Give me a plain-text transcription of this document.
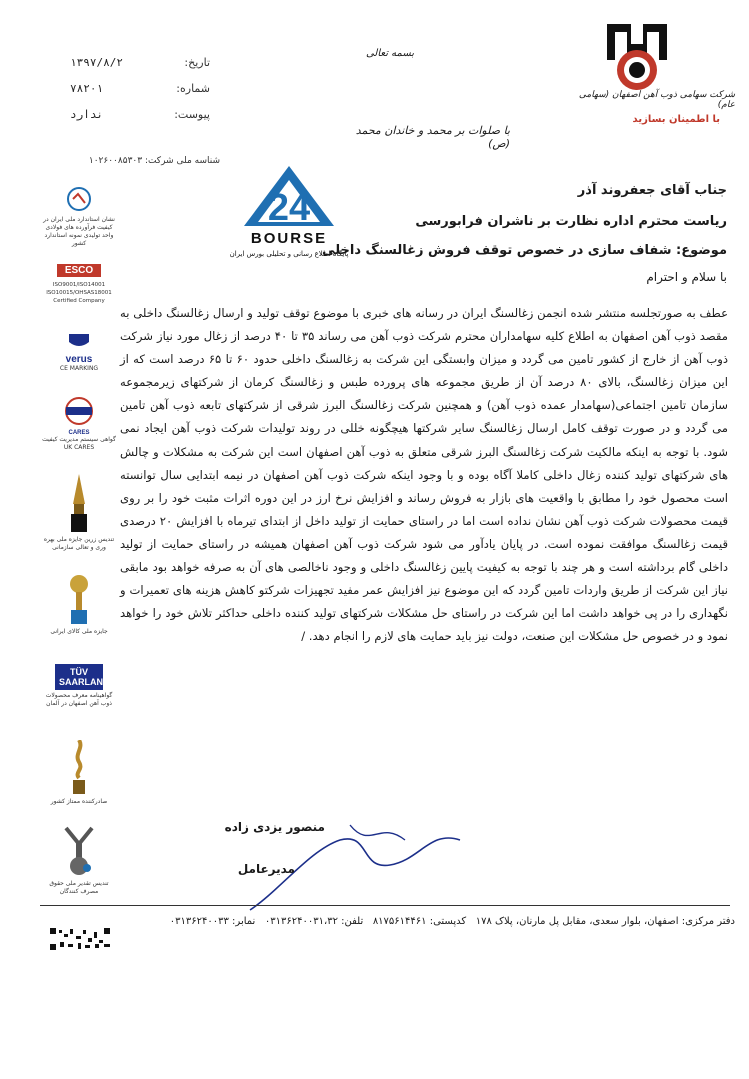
شرکت سهامی ذوب آهن اصفهان (سهامی عام)
با اطمینان بسازید
بسمه تعالی
با صلوات بر محمد و خاندان محمد (ص)
تاریخ:
۱۳۹۷/۸/۲
شماره:
۷۸۲۰۱
پیوست:
ندارد
شناسه ملی شرکت: ۱۰۲۶۰۰۸۵۳۰۳
24
BOURSE
پایگاه اطلاع رسانی و تحلیلی بورس ایران
جناب آقای جعفروند آذر
ریاست محترم اداره نظارت بر ناشران فرابورسی
موضوع: شفاف سازی در خصوص توقف فروش زغالسنگ داخلی
با سلام و احترام
عطف به صورتجلسه منتشر شده انجمن زغالسنگ ایران در رسانه های خبری با موضوع توقف تولید و ارسال زغالسنگ داخلی به مقصد ذوب آهن اصفهان به اطلاع کلیه سهامداران محترم شرکت ذوب آهن می رساند ۳۵ تا ۴۰ درصد از زغال مورد نیاز شرکت ذوب آهن از خارج از کشور تامین می گردد و میزان وابستگی این شرکت به زغالسنگ داخلی حدود ۶۰ تا ۶۵ درصد است که از این میزان زغالسنگ، بالای ۸۰ درصد آن از طریق مجموعه های پرورده طبس و زغالسنگ کرمان از شرکتهای زیرمجموعه سازمان تامین اجتماعی(سهامدار عمده ذوب آهن) و همچنین شرکت زغالسنگ البرز شرقی از شرکتهای تابعه ذوب آهن تامین می گردد و در صورت توقف کامل ارسال زغالسنگ سایر شرکتها هیچگونه خللی در روند تولیدات شرکت ذوب آهن ایجاد نمی شود. با توجه به اینکه مالکیت شرکت زغالسنگ البرز شرقی متعلق به ذوب آهن اصفهان است این شرکت به مشکلات و چالش های شرکتهای تولید کننده زغال داخلی کاملا آگاه بوده و با وجود اینکه شرکت ذوب آهن اصفهان در نیمه ابتدایی سال توانسته است محصول خود را مطابق با واقعیت های بازار به فروش رساند و افزایش نرخ ارز در این دوره اثرات مثبت خود را بر روی قیمت محصولات شرکت ذوب آهن نشان نداده است اما در راستای حمایت از تولید داخل از ابتدای تیرماه با افزایش ۲۰ درصدی قیمت زغالسنگ موافقت نموده است. در پایان یادآور می شود شرکت ذوب آهن اصفهان همیشه در راستای حمایت از تولید داخلی گام برداشته است و هر چند با توجه به کیفیت پایین زغالسنگ داخلی و وجود ناخالصی های آن به صرفه خواهد بود مابقی نیاز این شرکت از طریق واردات تامین گردد که این موضوع نیز افزایش عمر مفید تجهیزات شرکتو کاهش هزینه های تعمیرات و نگهداری را در پی خواهد داشت اما این شرکت در راستای حل مشکلات شرکتهای تولید کننده داخلی حداکثر تلاش خود را خواهد نمود و در خصوص حل مشکلات این صنعت، دولت نیز باید حمایت های لازم را انجام دهد. /
منصور یزدی زاده
مدیرعامل
دفتر مرکزی: اصفهان، بلوار سعدی، مقابل پل مارنان، پلاک ۱۷۸   کدپستی: ۸۱۷۵۶۱۴۴۶۱   تلفن: ۰۳۱۳۶۲۴۰۰۳۱،۳۲   نمابر: ۰۳۱۳۶۲۴۰۰۳۳
نشان استاندارد ملی ایران در کیفیت فرآورده های فولادی واحد تولیدی نمونه استاندارد کشور
ESCO
ISO9001/ISO14001 ISO10015/OHSAS18001 Certified Company
verus
CE MARKING
CARES
گواهی سیستم مدیریت کیفیت UK CARES
تندیس زرین جایزه ملی بهره وری و تعالی سازمانی
جایزه ملی کالای ایرانی
TÜV SAARLAND
گواهینامه معرف محصولات ذوب آهن اصفهان در آلمان
صادرکننده ممتاز کشور
تندیس تقدیر ملی حقوق مصرف کنندگان
